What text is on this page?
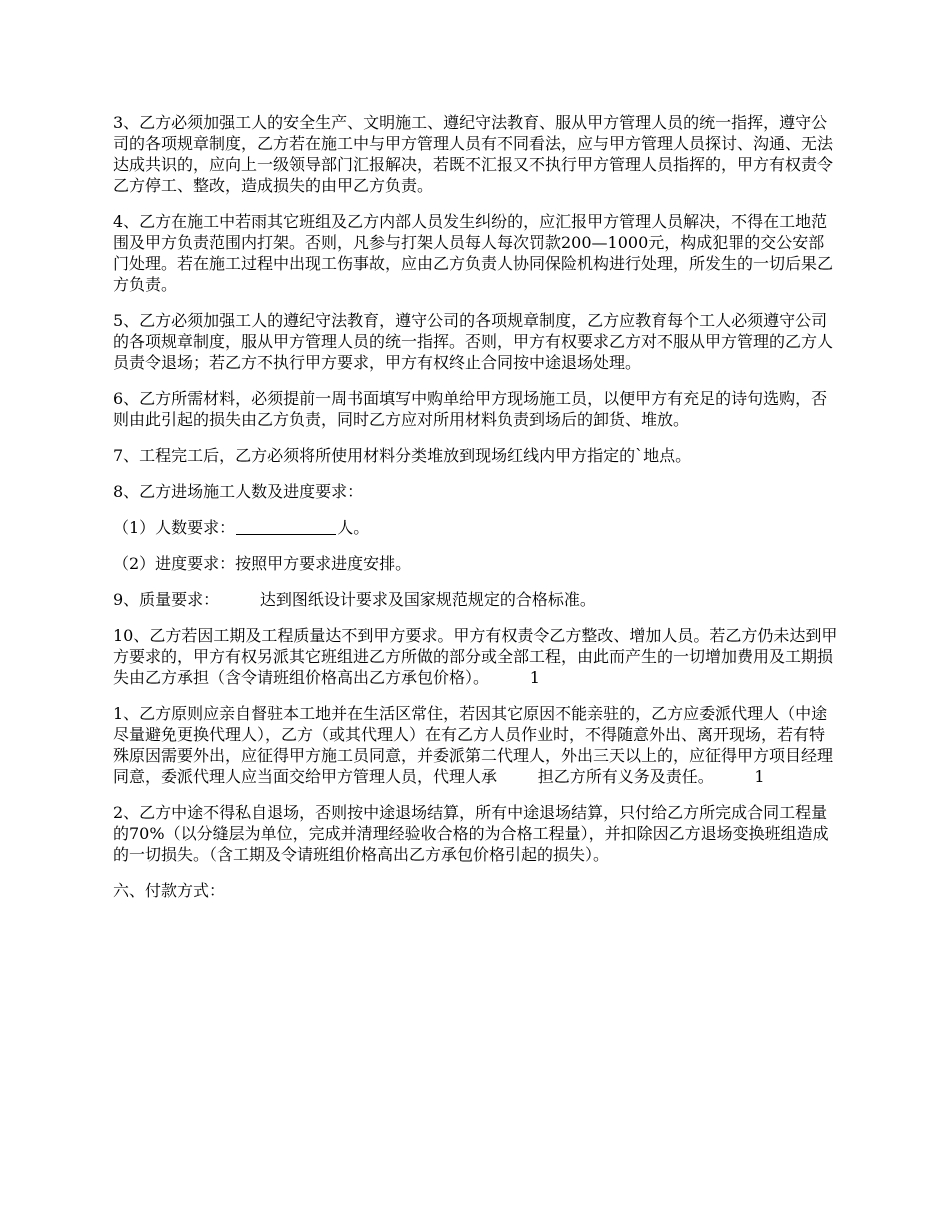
3、乙方必须加强工人的安全生产、文明施工、遵纪守法教育、服从甲方管理人员的统一指挥，遵守公司的各项规章制度，乙方若在施工中与甲方管理人员有不同看法，应与甲方管理人员探讨、沟通、无法达成共识的，应向上一级领导部门汇报解决，若既不汇报又不执行甲方管理人员指挥的，甲方有权责令乙方停工、整改，造成损失的由甲乙方负责。

4、乙方在施工中若雨其它班组及乙方内部人员发生纠纷的，应汇报甲方管理人员解决，不得在工地范围及甲方负责范围内打架。否则，凡参与打架人员每人每次罚款200—1000元，构成犯罪的交公安部门处理。若在施工过程中出现工伤事故，应由乙方负责人协同保险机构进行处理，所发生的一切后果乙方负责。

5、乙方必须加强工人的遵纪守法教育，遵守公司的各项规章制度，乙方应教育每个工人必须遵守公司的各项规章制度，服从甲方管理人员的统一指挥。否则，甲方有权要求乙方对不服从甲方管理的乙方人员责令退场；若乙方不执行甲方要求，甲方有权终止合同按中途退场处理。

6、乙方所需材料，必须提前一周书面填写中购单给甲方现场施工员，以便甲方有充足的诗句选购，否则由此引起的损失由乙方负责，同时乙方应对所用材料负责到场后的卸货、堆放。

7、工程完工后，乙方必须将所使用材料分类堆放到现场红线内甲方指定的`地点。

8、乙方进场施工人数及进度要求：

（1）人数要求：	人。

（2）进度要求：按照甲方要求进度安排。

9、质量要求：        达到图纸设计要求及国家规范规定的合格标准。

10、乙方若因工期及工程质量达不到甲方要求。甲方有权责令乙方整改、增加人员。若乙方仍未达到甲方要求的，甲方有权另派其它班组进乙方所做的部分或全部工程，由此而产生的一切增加费用及工期损失由乙方承担（含令请班组价格高出乙方承包价格）。        1

1、乙方原则应亲自督驻本工地并在生活区常住，若因其它原因不能亲驻的，乙方应委派代理人（中途尽量避免更换代理人），乙方（或其代理人）在有乙方人员作业时，不得随意外出、离开现场，若有特殊原因需要外出，应征得甲方施工员同意，并委派第二代理人，外出三天以上的，应征得甲方项目经理同意，委派代理人应当面交给甲方管理人员，代理人承        担乙方所有义务及责任。        1

2、乙方中途不得私自退场，否则按中途退场结算，所有中途退场结算，只付给乙方所完成合同工程量的70%（以分缝层为单位，完成并清理经验收合格的为合格工程量），并扣除因乙方退场变换班组造成的一切损失。（含工期及令请班组价格高出乙方承包价格引起的损失）。

六、付款方式：
